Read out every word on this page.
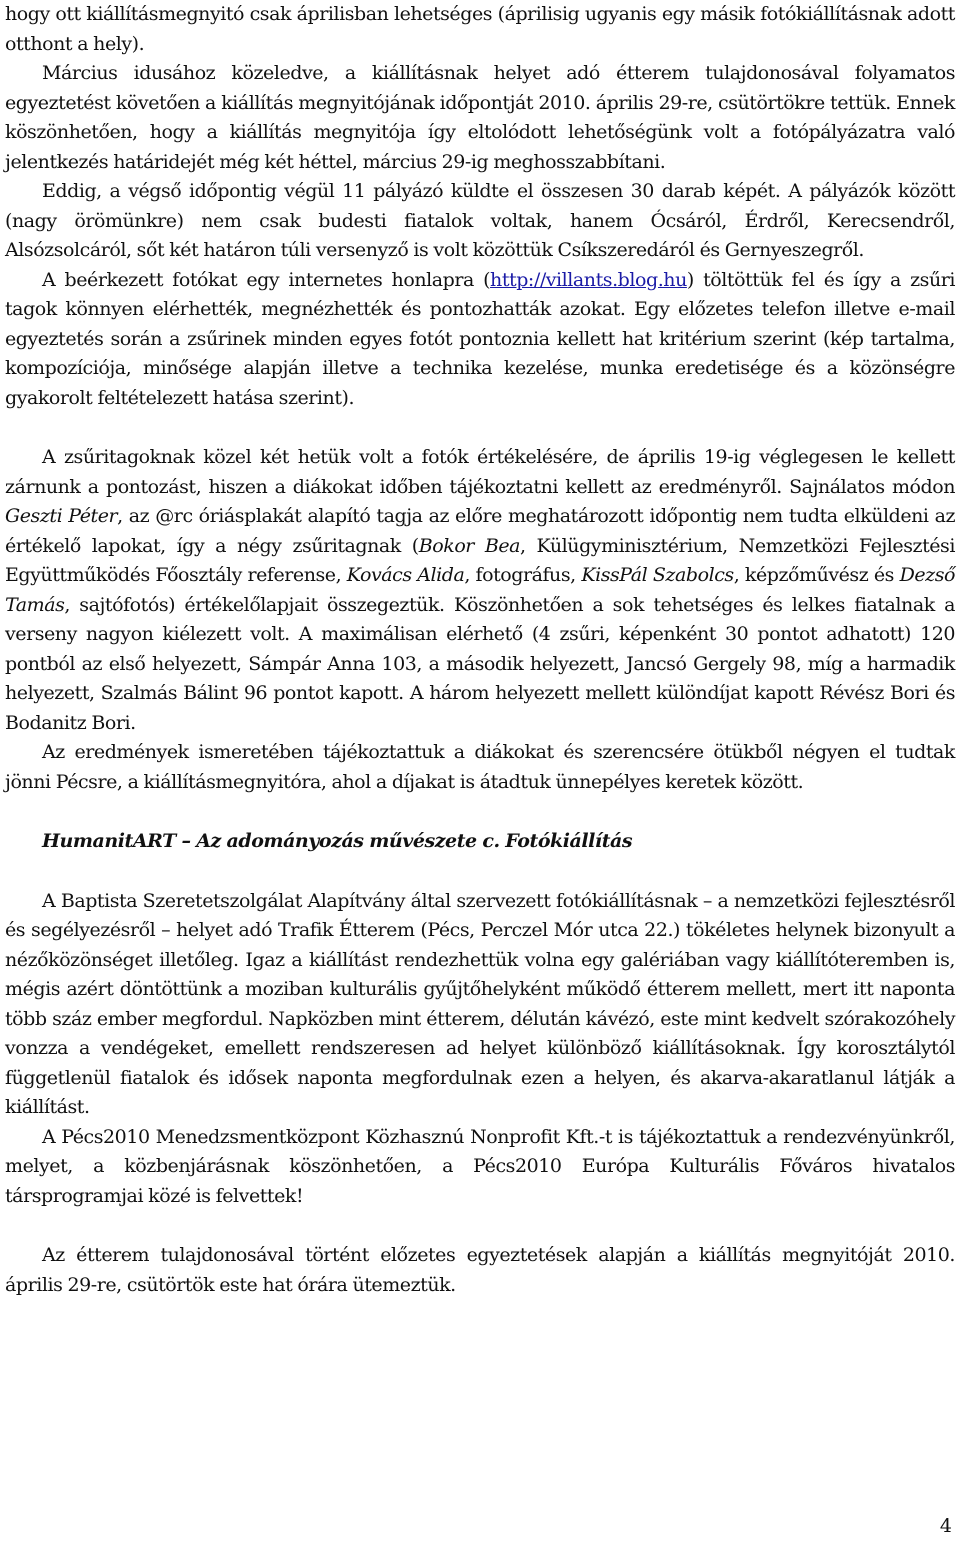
hogy ott kiállításmegnyitó csak áprilisban lehetséges (áprilisig ugyanis egy másik fotókiállításnak adott otthont a hely).

Március idusához közeledve, a kiállításnak helyet adó étterem tulajdonosával folyamatos egyeztetést követően a kiállítás megnyitójának időpontját 2010. április 29-re, csütörtökre tettük. Ennek köszönhetően, hogy a kiállítás megnyitója így eltolódott lehetőségünk volt a fotópályázatra való jelentkezés határidejét még két héttel, március 29-ig meghosszabbítani.

Eddig, a végső időpontig végül 11 pályázó küldte el összesen 30 darab képét. A pályázók között (nagy örömünkre) nem csak budesti fiatalok voltak, hanem Ócsáról, Érdről, Kerecsendről, Alsózsolcáról, sőt két határon túli versenyző is volt közöttük Csíkszeredáról és Gernyeszegről.

A beérkezett fotókat egy internetes honlapra (http://villants.blog.hu) töltöttük fel és így a zsűri tagok könnyen elérhették, megnézhették és pontozhatták azokat. Egy előzetes telefon illetve e-mail egyeztetés során a zsűrinek minden egyes fotót pontoznia kellett hat kritérium szerint (kép tartalma, kompozíciója, minősége alapján illetve a technika kezelése, munka eredetisége és a közönségre gyakorolt feltételezett hatása szerint).

A zsűritagoknak közel két hetük volt a fotók értékelésére, de április 19-ig véglegesen le kellett zárnunk a pontozást, hiszen a diákokat időben tájékoztatni kellett az eredményről. Sajnálatos módon Geszti Péter, az @rc óriásplakát alapító tagja az előre meghatározott időpontig nem tudta elküldeni az értékelő lapokat, így a négy zsűritagnak (Bokor Bea, Külügyminisztérium, Nemzetközi Fejlesztési Együttműködés Főosztály referense, Kovács Alida, fotográfus, KissPál Szabolcs, képzőművész és Dezső Tamás, sajtófotós) értékelőlapjait összegeztük. Köszönhetően a sok tehetséges és lelkes fiatalnak a verseny nagyon kiélezett volt. A maximálisan elérhető (4 zsűri, képenként 30 pontot adhatott) 120 pontból az első helyezett, Sámpár Anna 103, a második helyezett, Jancsó Gergely 98, míg a harmadik helyezett, Szalmás Bálint 96 pontot kapott. A három helyezett mellett különdíjat kapott Révész Bori és Bodanitz Bori.

Az eredmények ismeretében tájékoztattuk a diákokat és szerencsére ötükből négyen el tudtak jönni Pécsre, a kiállításmegnyitóra, ahol a díjakat is átadtuk ünnepélyes keretek között.

HumanitART – Az adományozás művészete c. Fotókiállítás

A Baptista Szeretetszolgálat Alapítvány által szervezett fotókiállításnak – a nemzetközi fejlesztésről és segélyezésről – helyet adó Trafik Étterem (Pécs, Perczel Mór utca 22.) tökéletes helynek bizonyult a nézőközönséget illetőleg. Igaz a kiállítást rendezhettük volna egy galériában vagy kiállítóteremben is, mégis azért döntöttünk a moziban kulturális gyűjtőhelyként működő étterem mellett, mert itt naponta több száz ember megfordul. Napközben mint étterem, délután kávézó, este mint kedvelt szórakozóhely vonzza a vendégeket, emellett rendszeresen ad helyet különböző kiállításoknak. Így korosztálytól függetlenül fiatalok és idősek naponta megfordulnak ezen a helyen, és akarva-akaratlanul látják a kiállítást.

A Pécs2010 Menedzsmentközpont Közhasznú Nonprofit Kft.-t is tájékoztattuk a rendezvényünkről, melyet, a közbenjárásnak köszönhetően, a Pécs2010 Európa Kulturális Főváros hivatalos társprogramjai közé is felvettek!

Az étterem tulajdonosával történt előzetes egyeztetések alapján a kiállítás megnyitóját 2010. április 29-re, csütörtök este hat órára ütemeztük.

4
